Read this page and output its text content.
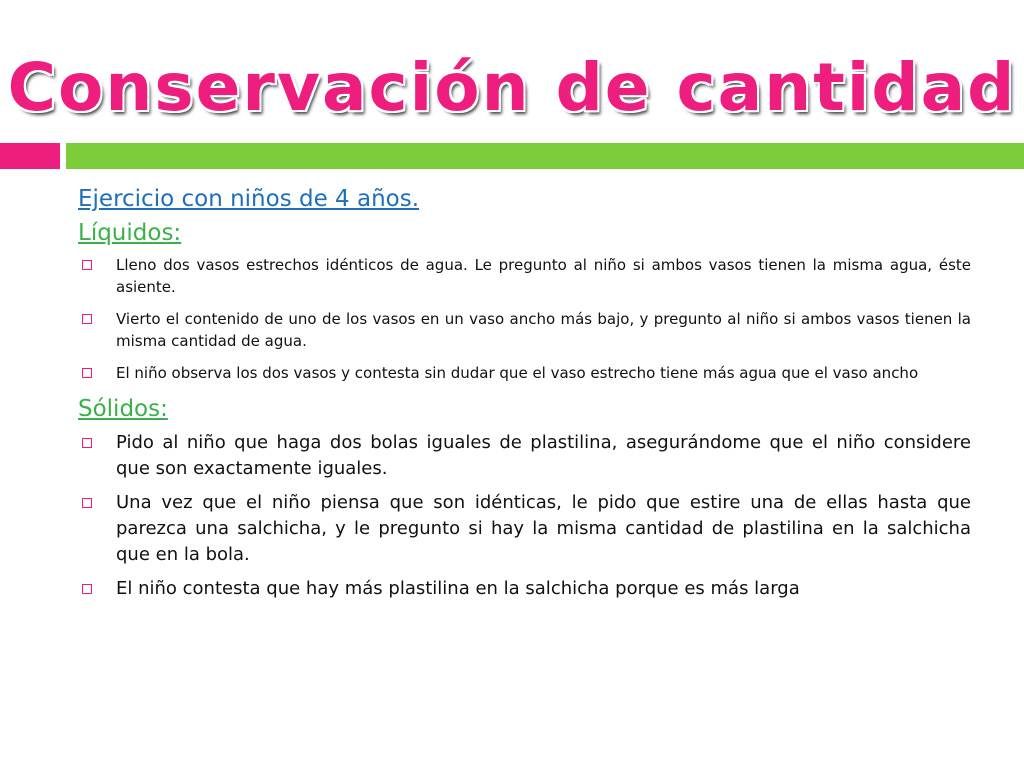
Conservación de cantidad
Ejercicio con niños de 4 años.
Líquidos:
Lleno dos vasos estrechos idénticos de agua. Le pregunto al niño si ambos vasos tienen la misma agua, éste asiente.
Vierto el contenido de uno de los vasos en un vaso ancho más bajo, y pregunto al niño si ambos vasos tienen la misma cantidad de agua.
El niño observa los dos vasos y contesta sin dudar que el vaso estrecho tiene más agua que el vaso ancho
Sólidos:
Pido al niño que haga dos bolas iguales de plastilina, asegurándome que el niño considere que son exactamente iguales.
Una vez que el niño piensa que son idénticas, le pido que estire una de ellas hasta que parezca una salchicha, y le pregunto si hay la misma cantidad de plastilina en la salchicha que en la bola.
El niño contesta que hay más plastilina en la salchicha porque es más larga
